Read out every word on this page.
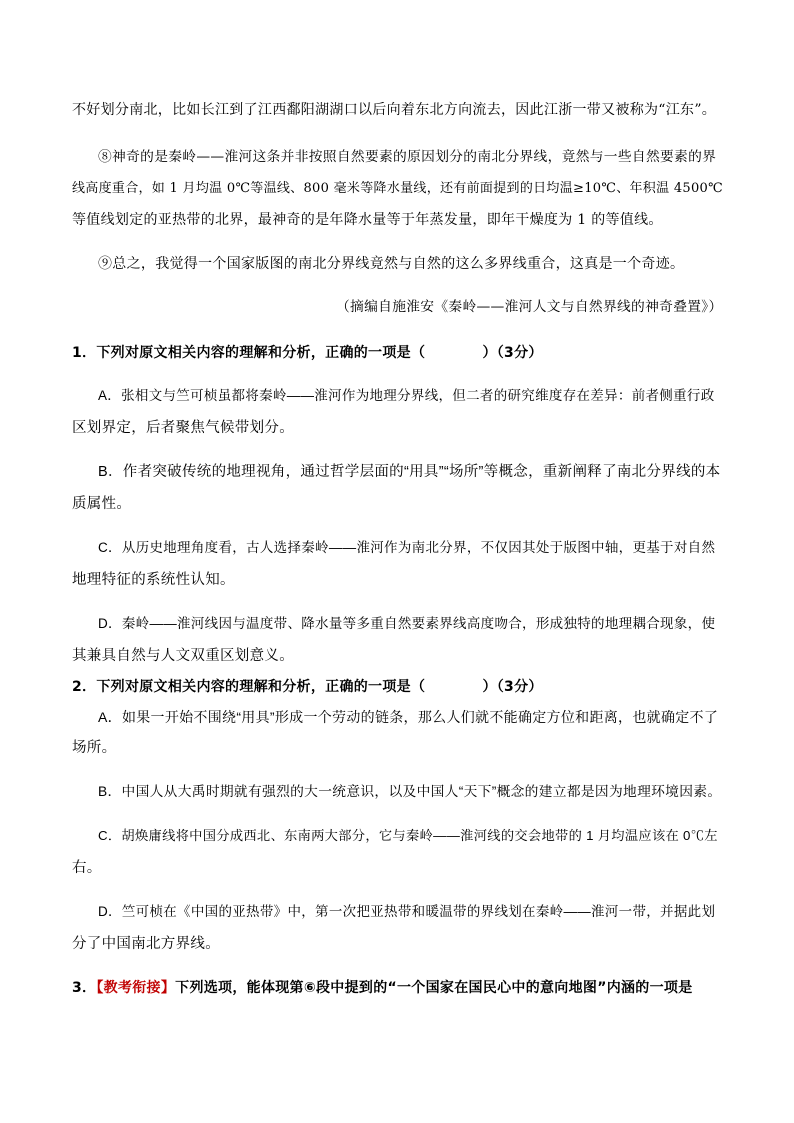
不好划分南北，比如长江到了江西鄱阳湖湖口以后向着东北方向流去，因此江浙一带又被称为“江东”。
⑧神奇的是秦岭——淮河这条并非按照自然要素的原因划分的南北分界线，竟然与一些自然要素的界
线高度重合，如 1 月均温 0℃等温线、800 毫米等降水量线，还有前面提到的日均温≥10℃、年积温 4500℃
等值线划定的亚热带的北界，最神奇的是年降水量等于年蒸发量，即年干燥度为 1 的等值线。
⑨总之，我觉得一个国家版图的南北分界线竟然与自然的这么多界线重合，这真是一个奇迹。
（摘编自施淮安《秦岭——淮河人文与自然界线的神奇叠置》）
1．下列对原文相关内容的理解和分析，正确的一项是（　　　　）（3分）
A．张相文与竺可桢虽都将秦岭——淮河作为地理分界线，但二者的研究维度存在差异：前者侧重行政
区划界定，后者聚焦气候带划分。
B．作者突破传统的地理视角，通过哲学层面的“用具”“场所”等概念，重新阐释了南北分界线的本
质属性。
C．从历史地理角度看，古人选择秦岭——淮河作为南北分界，不仅因其处于版图中轴，更基于对自然
地理特征的系统性认知。
D．秦岭——淮河线因与温度带、降水量等多重自然要素界线高度吻合，形成独特的地理耦合现象，使
其兼具自然与人文双重区划意义。
2．下列对原文相关内容的理解和分析，正确的一项是（　　　　）（3分）
A．如果一开始不围绕“用具”形成一个劳动的链条，那么人们就不能确定方位和距离，也就确定不了
场所。
B．中国人从大禹时期就有强烈的大一统意识，以及中国人“天下”概念的建立都是因为地理环境因素。
C．胡焕庸线将中国分成西北、东南两大部分，它与秦岭——淮河线的交会地带的 1 月均温应该在 0℃左
右。
D．竺可桢在《中国的亚热带》中，第一次把亚热带和暖温带的界线划在秦岭——淮河一带，并据此划
分了中国南北方界线。
3．【教考衔接】下列选项，能体现第⑥段中提到的“一个国家在国民心中的意向地图”内涵的一项是
